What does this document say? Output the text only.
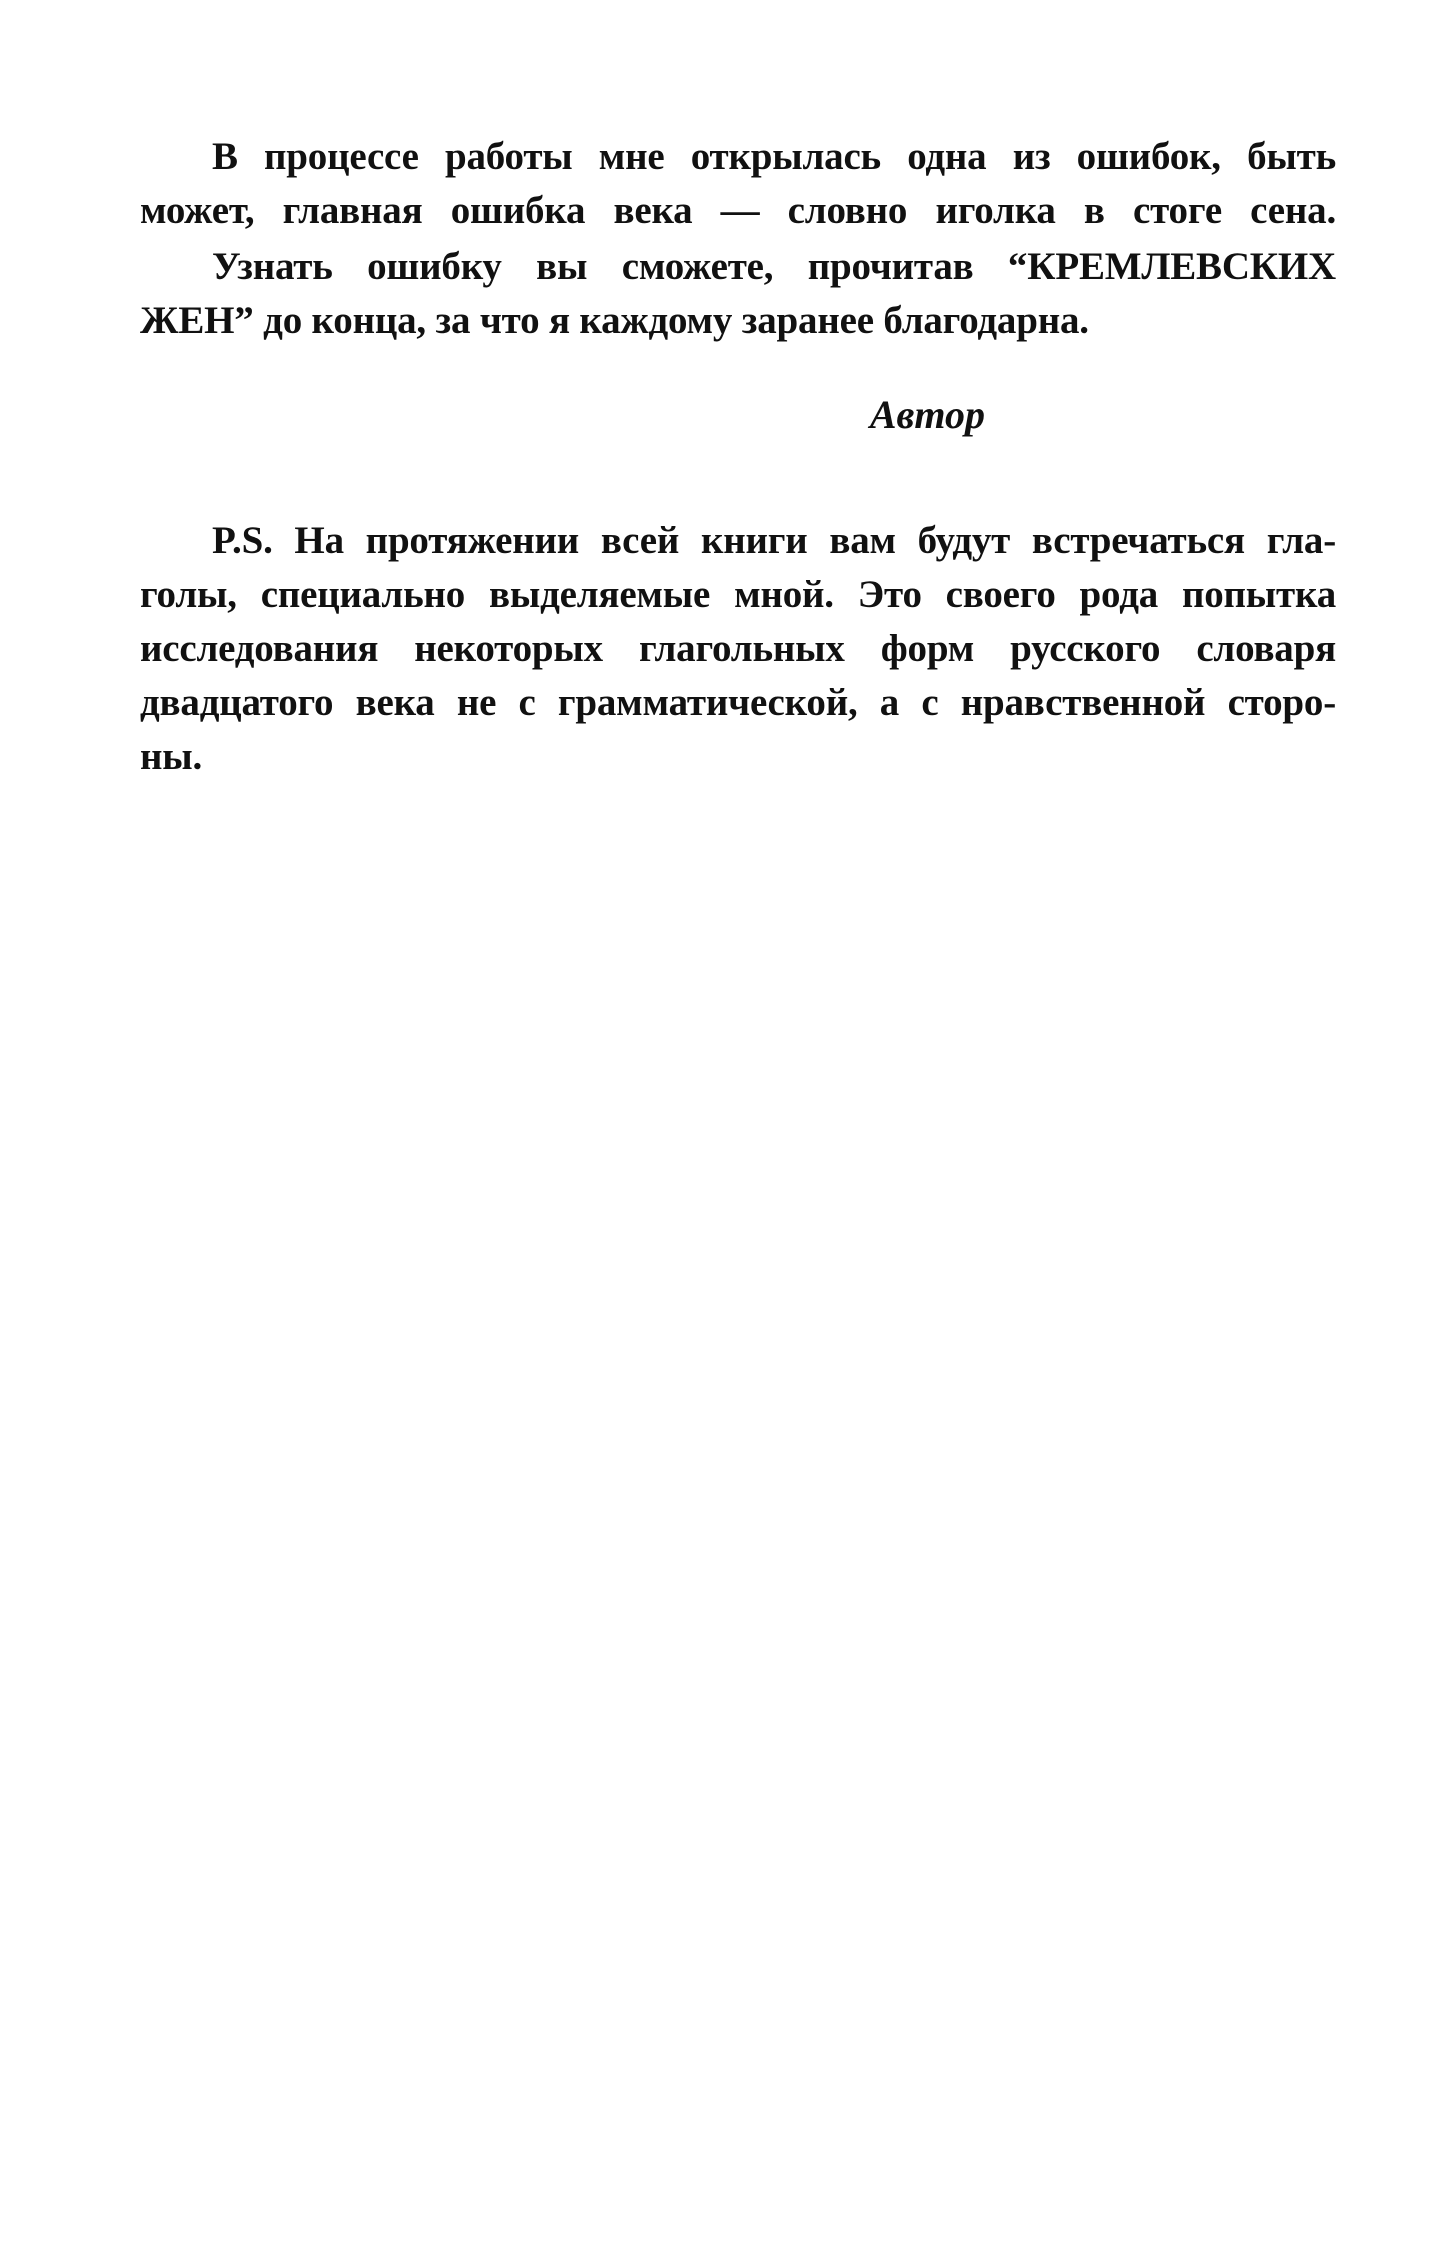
В процессе работы мне открылась одна из ошибок, быть
может, главная ошибка века — словно иголка в стоге сена.
Узнать ошибку вы сможете, прочитав “КРЕМЛЕВСКИХ
ЖЕН” до конца, за что я каждому заранее благодарна.
Автор
P.S. На протяжении всей книги вам будут встречаться гла-
голы, специально выделяемые мной. Это своего рода попытка
исследования некоторых глагольных форм русского словаря
двадцатого века не с грамматической, а с нравственной сторо-
ны.
